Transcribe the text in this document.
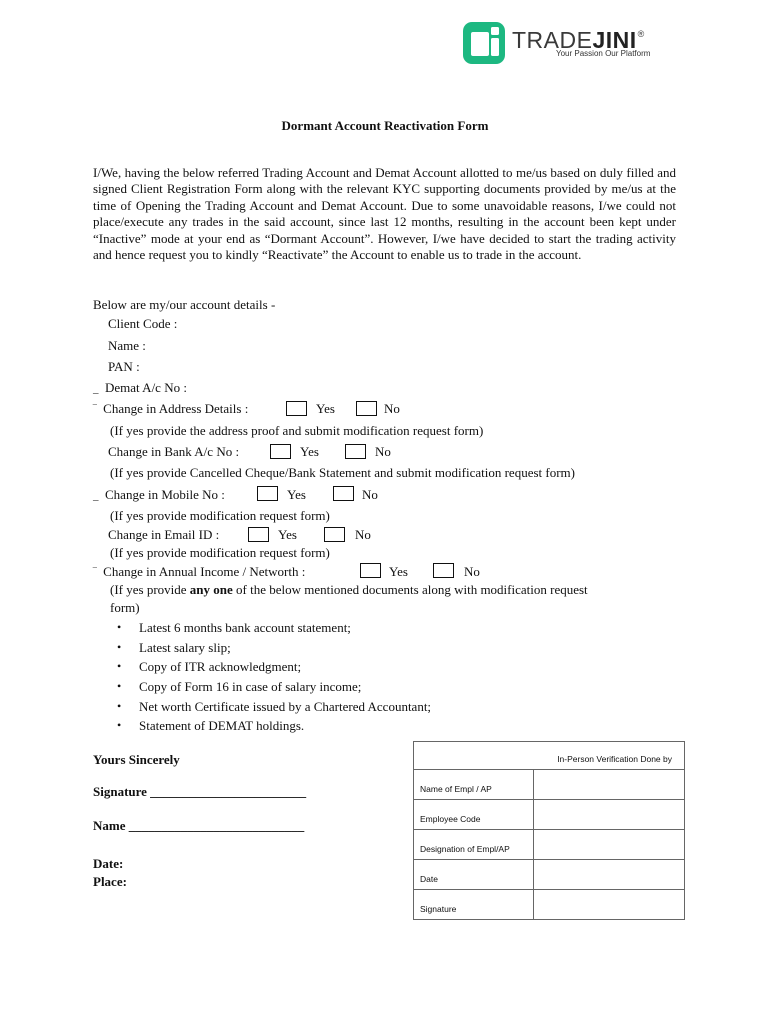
TRADEJINI®
Your Passion Our Platform
Dormant Account Reactivation Form
I/We, having the below referred Trading Account and Demat Account allotted to me/us based on duly filled and signed Client Registration Form along with the relevant KYC supporting documents provided by me/us at the time of Opening the Trading Account and Demat Account. Due to some unavoidable reasons, I/we could not place/execute any trades in the said account, since last 12 months, resulting in the account been kept under “Inactive” mode at your end as “Dormant Account”. However, I/we have decided to start the trading activity and hence request you to kindly “Reactivate” the Account to enable us to trade in the account.
Below are my/our account details -
Client Code :
Name :
PAN :
_ Demat A/c No :
‾ Change in Address Details :	Yes	No
(If yes provide the address proof and submit modification request form)
Change in Bank A/c No :	Yes	No
(If yes provide Cancelled Cheque/Bank Statement and submit modification request form)
_ Change in Mobile No :	Yes	No
(If yes provide modification request form)
Change in Email ID :	Yes	No
(If yes provide modification request form)
‾ Change in Annual Income / Networth :	Yes	No
(If yes provide any one of the below mentioned documents along with modification request
form)
• Latest 6 months bank account statement;
• Latest salary slip;
• Copy of ITR acknowledgment;
• Copy of Form 16 in case of salary income;
• Net worth Certificate issued by a Chartered Accountant;
• Statement of DEMAT holdings.
Yours Sincerely
Signature ________________________
Name ___________________________
Date:
Place:
In-Person Verification Done by	
Name of Empl / AP	
Employee Code	
Designation of Empl/AP	
Date	
Signature	
